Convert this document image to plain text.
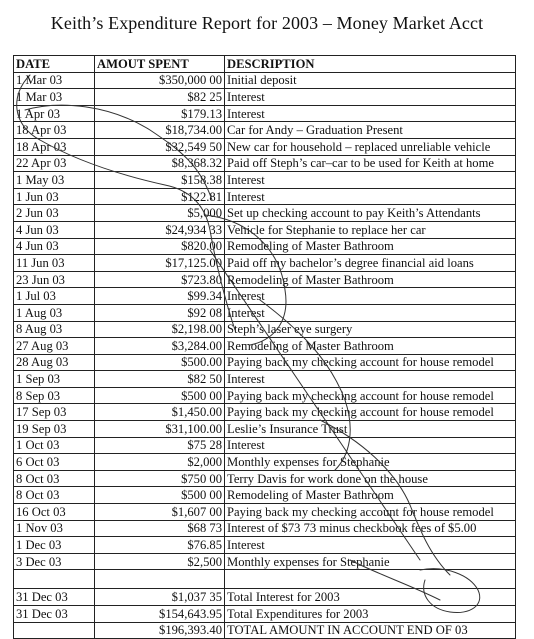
Keith’s Expenditure Report for 2003 – Money Market Acct
DATE	AMOUT SPENT	DESCRIPTION
1 Mar 03	$350,000 00	Initial deposit
1 Mar 03	$82 25	Interest
1 Apr 03	$179.13	Interest
18 Apr 03	$18,734.00	Car for Andy – Graduation Present
18 Apr 03	$32,549 50	New car for household – replaced unreliable vehicle
22 Apr 03	$8,368.32	Paid off Steph’s car–car to be used for Keith at home
1 May 03	$158.38	Interest
1 Jun 03	$122.81	Interest
2 Jun 03	$5,000	Set up checking account to pay Keith’s Attendants
4 Jun 03	$24,934 33	Vehicle for Stephanie to replace her car
4 Jun 03	$820.00	Remodeling of Master Bathroom
11 Jun 03	$17,125.00	Paid off my bachelor’s degree financial aid loans
23 Jun 03	$723.80	Remodeling of Master Bathroom
1 Jul 03	$99.34	Interest
1 Aug 03	$92 08	Interest
8 Aug 03	$2,198.00	Steph’s laser eye surgery
27 Aug 03	$3,284.00	Remodeling of Master Bathroom
28 Aug 03	$500.00	Paying back my checking account for house remodel
1 Sep 03	$82 50	Interest
8 Sep 03	$500 00	Paying back my checking account for house remodel
17 Sep 03	$1,450.00	Paying back my checking account for house remodel
19 Sep 03	$31,100.00	Leslie’s Insurance Trust
1 Oct 03	$75 28	Interest
6 Oct 03	$2,000	Monthly expenses for Stephanie
8 Oct 03	$750 00	Terry Davis for work done on the house
8 Oct 03	$500 00	Remodeling of Master Bathroom
16 Oct 03	$1,607 00	Paying back my checking account for house remodel
1 Nov 03	$68 73	Interest of $73 73 minus checkbook fees of $5.00
1 Dec 03	$76.85	Interest
3 Dec 03	$2,500	Monthly expenses for Stephanie

31 Dec 03	$1,037 35	Total Interest for 2003
31 Dec 03	$154,643.95	Total Expenditures for 2003
	$196,393.40	TOTAL AMOUNT IN ACCOUNT END OF 03
